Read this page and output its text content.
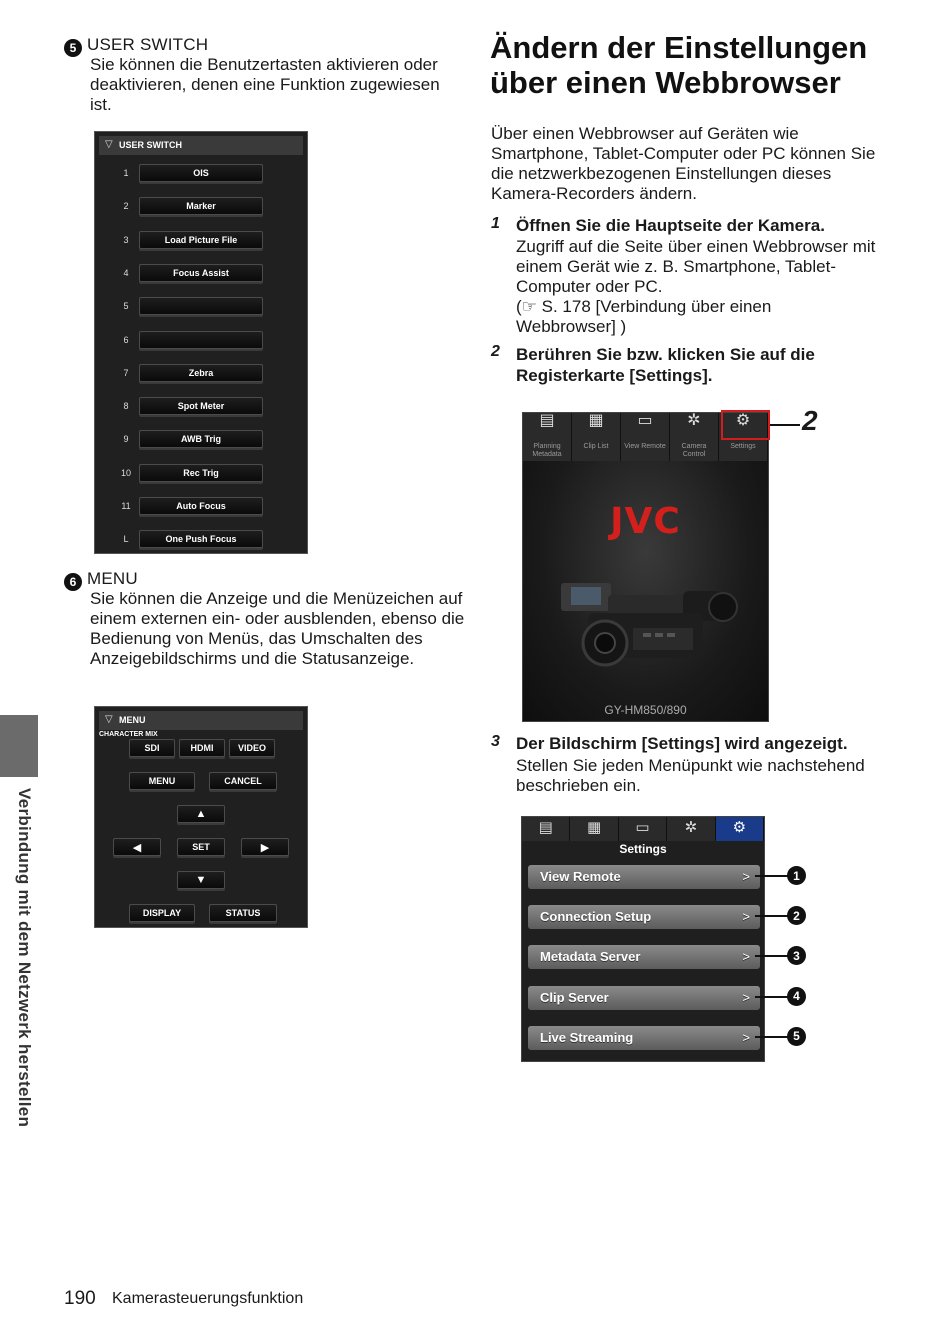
Verbindung mit dem Netzwerk herstellen
5 USER SWITCH
Sie können die Benutzertasten aktivieren oder deaktivieren, denen eine Funktion zugewiesen ist.
▽ USER SWITCH
1	OIS
2	Marker
3	Load Picture File
4	Focus Assist
5
6
7	Zebra
8	Spot Meter
9	AWB Trig
10	Rec Trig
11	Auto Focus
L	One Push Focus
6 MENU
Sie können die Anzeige und die Menüzeichen auf einem externen ein- oder ausblenden, ebenso die Bedienung von Menüs, das Umschalten des Anzeigebildschirms und die Statusanzeige.
▽ MENU
CHARACTER MIX
SDI	HDMI	VIDEO
MENU	CANCEL
▲
◀	SET	▶
▼
DISPLAY	STATUS
Ändern der Einstellungen
über einen Webbrowser
Über einen Webbrowser auf Geräten wie Smartphone, Tablet-Computer oder PC können Sie die netzwerkbezogenen Einstellungen dieses Kamera-Recorders ändern.
1 Öffnen Sie die Hauptseite der Kamera.
Zugriff auf die Seite über einen Webbrowser mit einem Gerät wie z. B. Smartphone, Tablet-Computer oder PC.
(☞ S. 178 [Verbindung über einen Webbrowser] )
2 Berühren Sie bzw. klicken Sie auf die Registerkarte [Settings].
▤
Planning Metadata
▦
Clip List
▭
View Remote
✲
Camera Control
⚙
Settings
JVC
GY-HM850/890
2
3 Der Bildschirm [Settings] wird angezeigt.
Stellen Sie jeden Menüpunkt wie nachstehend beschrieben ein.
▤	▦	▭	✲	⚙
Settings
View Remote	>
Connection Setup	>
Metadata Server	>
Clip Server	>
Live Streaming	>
1
2
3
4
5
190 Kamerasteuerungsfunktion
